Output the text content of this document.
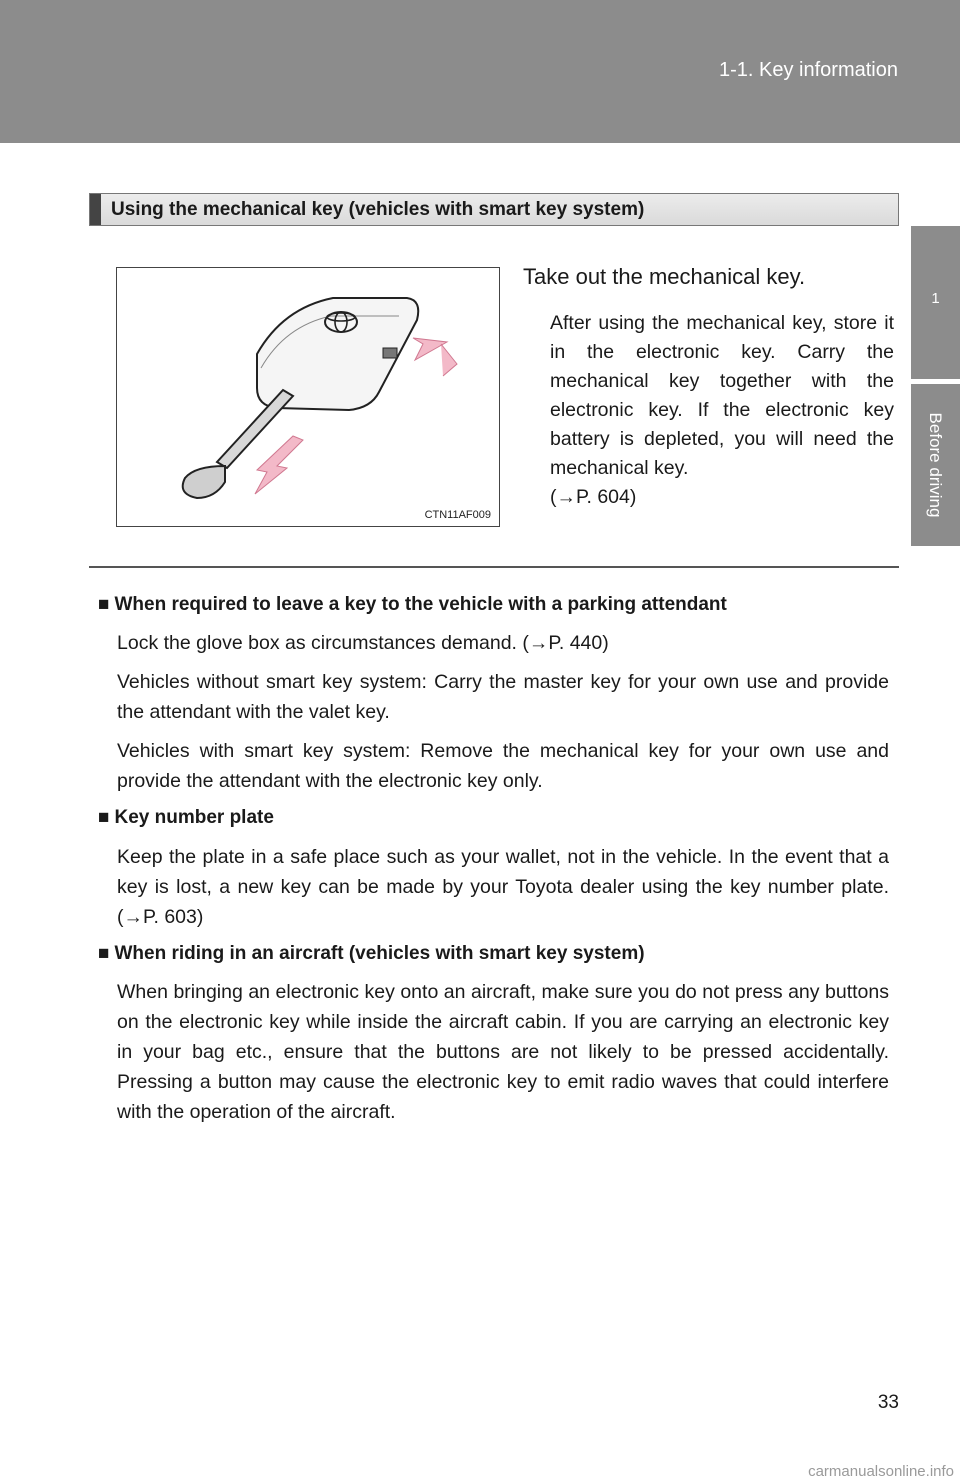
1-1. Key information
1
Before driving
Using the mechanical key (vehicles with smart key system)
CTN11AF009
Take out the mechanical key.
After using the mechanical key, store it in the electronic key. Carry the mechanical key together with the electronic key. If the electronic key battery is depleted, you will need the mechanical key.
(→P. 604)
■ When required to leave a key to the vehicle with a parking attendant
Lock the glove box as circumstances demand. (→P. 440)
Vehicles without smart key system: Carry the master key for your own use and provide the attendant with the valet key.
Vehicles with smart key system: Remove the mechanical key for your own use and provide the attendant with the electronic key only.
■ Key number plate
Keep the plate in a safe place such as your wallet, not in the vehicle. In the event that a key is lost, a new key can be made by your Toyota dealer using the key number plate. (→P. 603)
■ When riding in an aircraft (vehicles with smart key system)
When bringing an electronic key onto an aircraft, make sure you do not press any buttons on the electronic key while inside the aircraft cabin. If you are carrying an electronic key in your bag etc., ensure that the buttons are not likely to be pressed accidentally. Pressing a button may cause the electronic key to emit radio waves that could interfere with the operation of the aircraft.
33
carmanualsonline.info
